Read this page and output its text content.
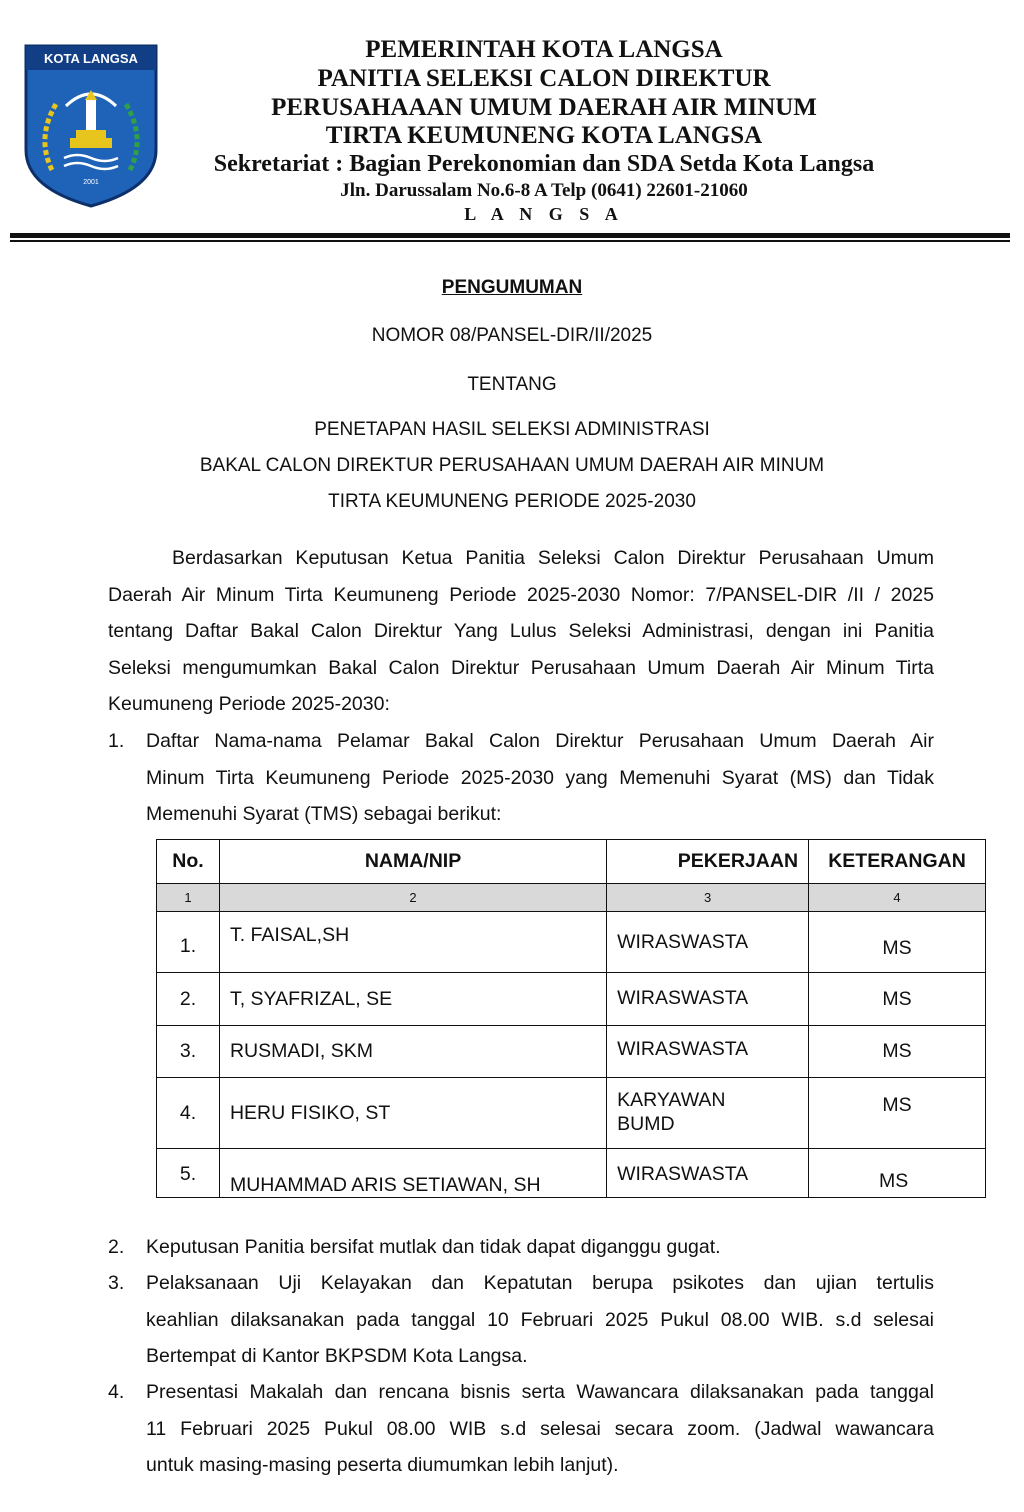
KOTA LANGSA
2001
PEMERINTAH KOTA LANGSA
PANITIA SELEKSI CALON DIREKTUR
PERUSAHAAAN UMUM DAERAH AIR MINUM
TIRTA KEUMUNENG KOTA LANGSA
Sekretariat : Bagian Perekonomian dan SDA Setda Kota Langsa
Jln. Darussalam No.6-8 A Telp (0641) 22601-21060
L A N G S A
PENGUMUMAN
NOMOR 08/PANSEL-DIR/II/2025
TENTANG
PENETAPAN HASIL SELEKSI ADMINISTRASI
BAKAL CALON DIREKTUR PERUSAHAAN UMUM DAERAH AIR MINUM
TIRTA KEUMUNENG PERIODE 2025-2030
Berdasarkan Keputusan Ketua Panitia Seleksi Calon Direktur Perusahaan Umum
Daerah Air Minum Tirta Keumuneng Periode 2025-2030 Nomor: 7/PANSEL-DIR /II / 2025
tentang Daftar Bakal Calon Direktur Yang Lulus Seleksi Administrasi, dengan ini Panitia
Seleksi mengumumkan Bakal Calon Direktur Perusahaan Umum Daerah Air Minum Tirta
Keumuneng Periode 2025-2030:
1.	Daftar Nama-nama Pelamar Bakal Calon Direktur Perusahaan Umum Daerah Air
Minum Tirta Keumuneng Periode 2025-2030 yang Memenuhi Syarat (MS) dan Tidak
Memenuhi Syarat (TMS) sebagai berikut:
No.	NAMA/NIP	PEKERJAAN	KETERANGAN
1	2	3	4
1.	T. FAISAL,SH	WIRASWASTA	MS
2.	T, SYAFRIZAL, SE	WIRASWASTA	MS
3.	RUSMADI, SKM	WIRASWASTA	MS
4.	HERU FISIKO, ST	KARYAWAN BUMD	MS
5.	MUHAMMAD ARIS SETIAWAN, SH	WIRASWASTA	MS
2.	Keputusan Panitia bersifat mutlak dan tidak dapat diganggu gugat.
3.	Pelaksanaan Uji Kelayakan dan Kepatutan berupa psikotes dan ujian tertulis
keahlian dilaksanakan pada tanggal 10 Februari 2025 Pukul 08.00 WIB. s.d selesai
Bertempat di Kantor BKPSDM Kota Langsa.
4.	Presentasi Makalah dan rencana bisnis serta Wawancara dilaksanakan pada tanggal
11 Februari 2025 Pukul 08.00 WIB s.d selesai secara zoom. (Jadwal wawancara
untuk masing-masing peserta diumumkan lebih lanjut).
